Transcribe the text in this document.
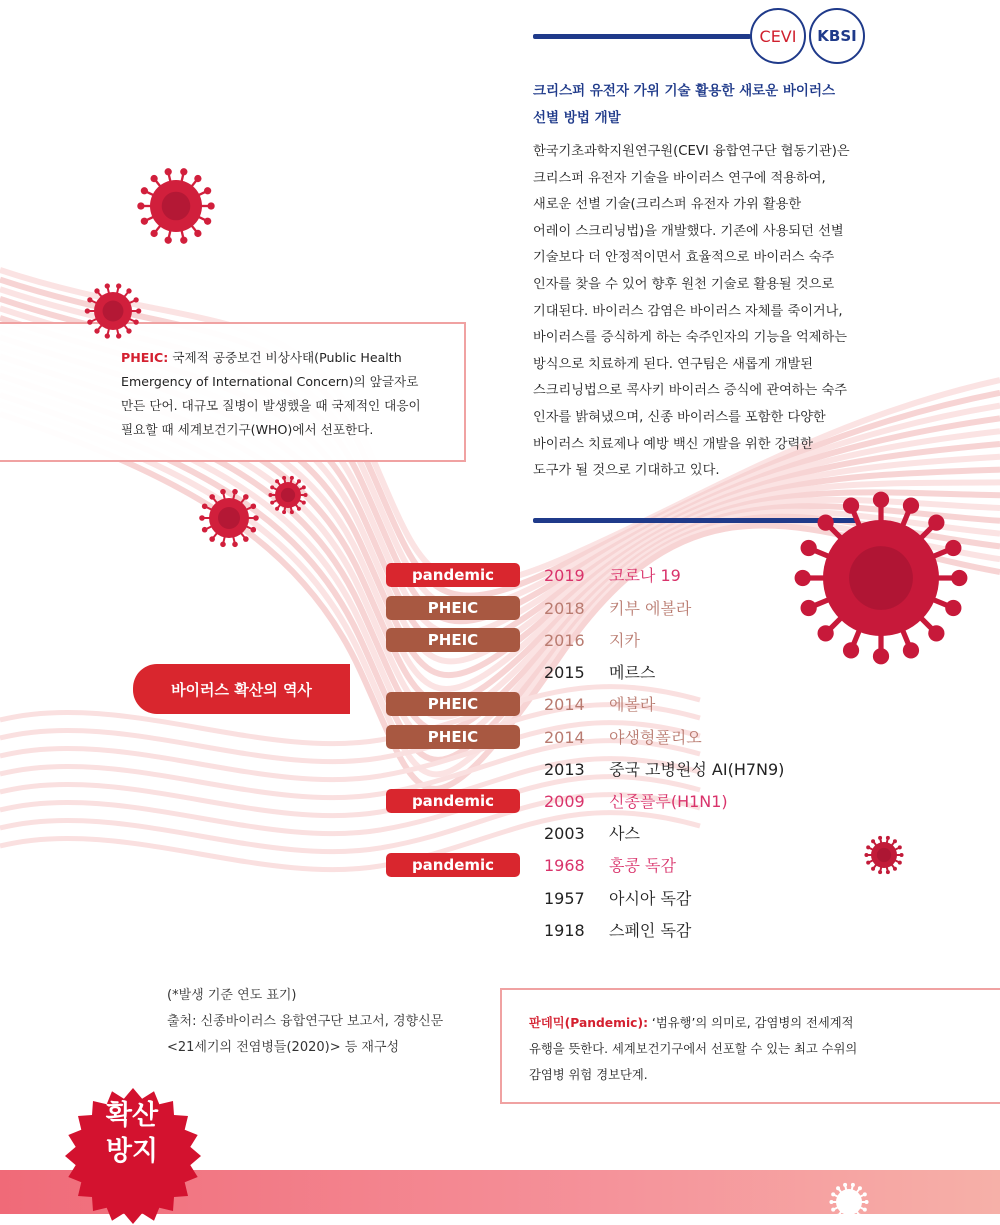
CEVI	KBSI
크리스퍼 유전자 가위 기술 활용한 새로운 바이러스
선별 방법 개발
한국기초과학지원연구원(CEVI 융합연구단 협동기관)은
크리스퍼 유전자 기술을 바이러스 연구에 적용하여,
새로운 선별 기술(크리스퍼 유전자 가위 활용한
어레이 스크리닝법)을 개발했다. 기존에 사용되던 선별
기술보다 더 안정적이면서 효율적으로 바이러스 숙주
인자를 찾을 수 있어 향후 원천 기술로 활용될 것으로
기대된다. 바이러스 감염은 바이러스 자체를 죽이거나,
바이러스를 증식하게 하는 숙주인자의 기능을 억제하는
방식으로 치료하게 된다. 연구팀은 새롭게 개발된
스크리닝법으로 콕사키 바이러스 증식에 관여하는 숙주
인자를 밝혀냈으며, 신종 바이러스를 포함한 다양한
바이러스 치료제나 예방 백신 개발을 위한 강력한
도구가 될 것으로 기대하고 있다.
PHEIC: 국제적 공중보건 비상사태(Public Health
Emergency of International Concern)의 앞글자로
만든 단어. 대규모 질병이 발생했을 때 국제적인 대응이
필요할 때 세계보건기구(WHO)에서 선포한다.
바이러스 확산의 역사
pandemic	2019 코로나 19
PHEIC	2018 키부 에볼라
PHEIC	2016 지카
2015 메르스
PHEIC	2014 에볼라
PHEIC	2014 야생형폴리오
2013 중국 고병원성 AI(H7N9)
pandemic	2009 신종플루(H1N1)
2003 사스
pandemic	1968 홍콩 독감
1957 아시아 독감
1918 스페인 독감
(*발생 기준 연도 표기)
출처: 신종바이러스 융합연구단 보고서, 경향신문
<21세기의 전염병들(2020)> 등 재구성
판데믹(Pandemic): ‘범유행’의 의미로, 감염병의 전세계적
유행을 뜻한다. 세계보건기구에서 선포할 수 있는 최고 수위의
감염병 위험 경보단계.
확산
방지
